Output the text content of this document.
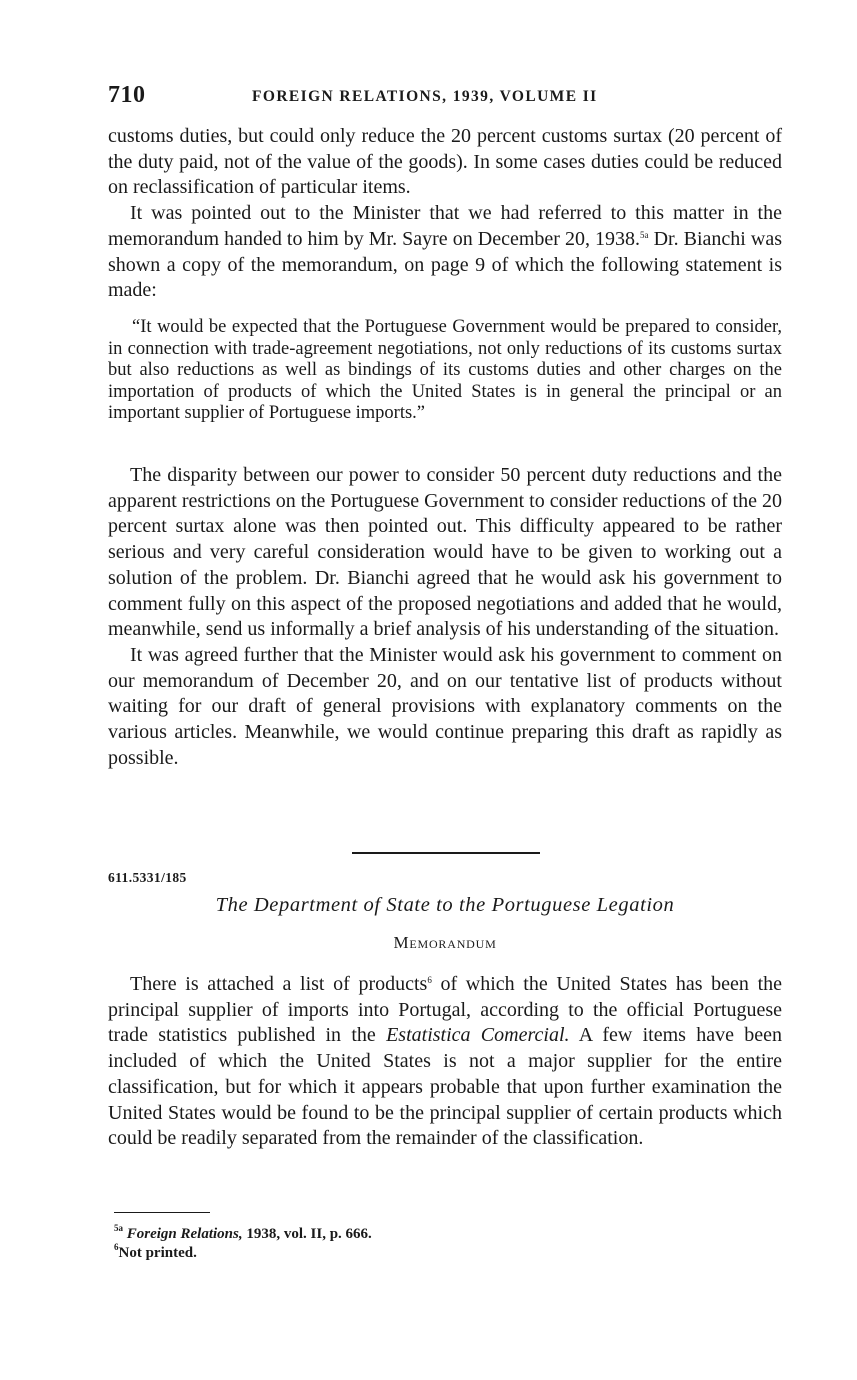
710	FOREIGN RELATIONS, 1939, VOLUME II

customs duties, but could only reduce the 20 percent customs surtax (20 percent of the duty paid, not of the value of the goods). In some cases duties could be reduced on reclassification of particular items.

It was pointed out to the Minister that we had referred to this matter in the memorandum handed to him by Mr. Sayre on December 20, 1938.$^{5a}$ Dr. Bianchi was shown a copy of the memorandum, on page 9 of which the following statement is made:

“It would be expected that the Portuguese Government would be prepared to consider, in connection with trade-agreement negotiations, not only reductions of its customs surtax but also reductions as well as bindings of its customs duties and other charges on the importation of products of which the United States is in general the principal or an important supplier of Portuguese imports.”

The disparity between our power to consider 50 percent duty reductions and the apparent restrictions on the Portuguese Government to consider reductions of the 20 percent surtax alone was then pointed out. This difficulty appeared to be rather serious and very careful consideration would have to be given to working out a solution of the problem. Dr. Bianchi agreed that he would ask his government to comment fully on this aspect of the proposed negotiations and added that he would, meanwhile, send us informally a brief analysis of his understanding of the situation.

It was agreed further that the Minister would ask his government to comment on our memorandum of December 20, and on our tentative list of products without waiting for our draft of general provisions with explanatory comments on the various articles. Meanwhile, we would continue preparing this draft as rapidly as possible.

611.5331/185
The Department of State to the Portuguese Legation
Memorandum

There is attached a list of products$^6$ of which the United States has been the principal supplier of imports into Portugal, according to the official Portuguese trade statistics published in the Estatistica Comercial. A few items have been included of which the United States is not a major supplier for the entire classification, but for which it appears probable that upon further examination the United States would be found to be the principal supplier of certain products which could be readily separated from the remainder of the classification.

$^{5a}$ Foreign Relations, 1938, vol. II, p. 666.
$^6$Not printed.
